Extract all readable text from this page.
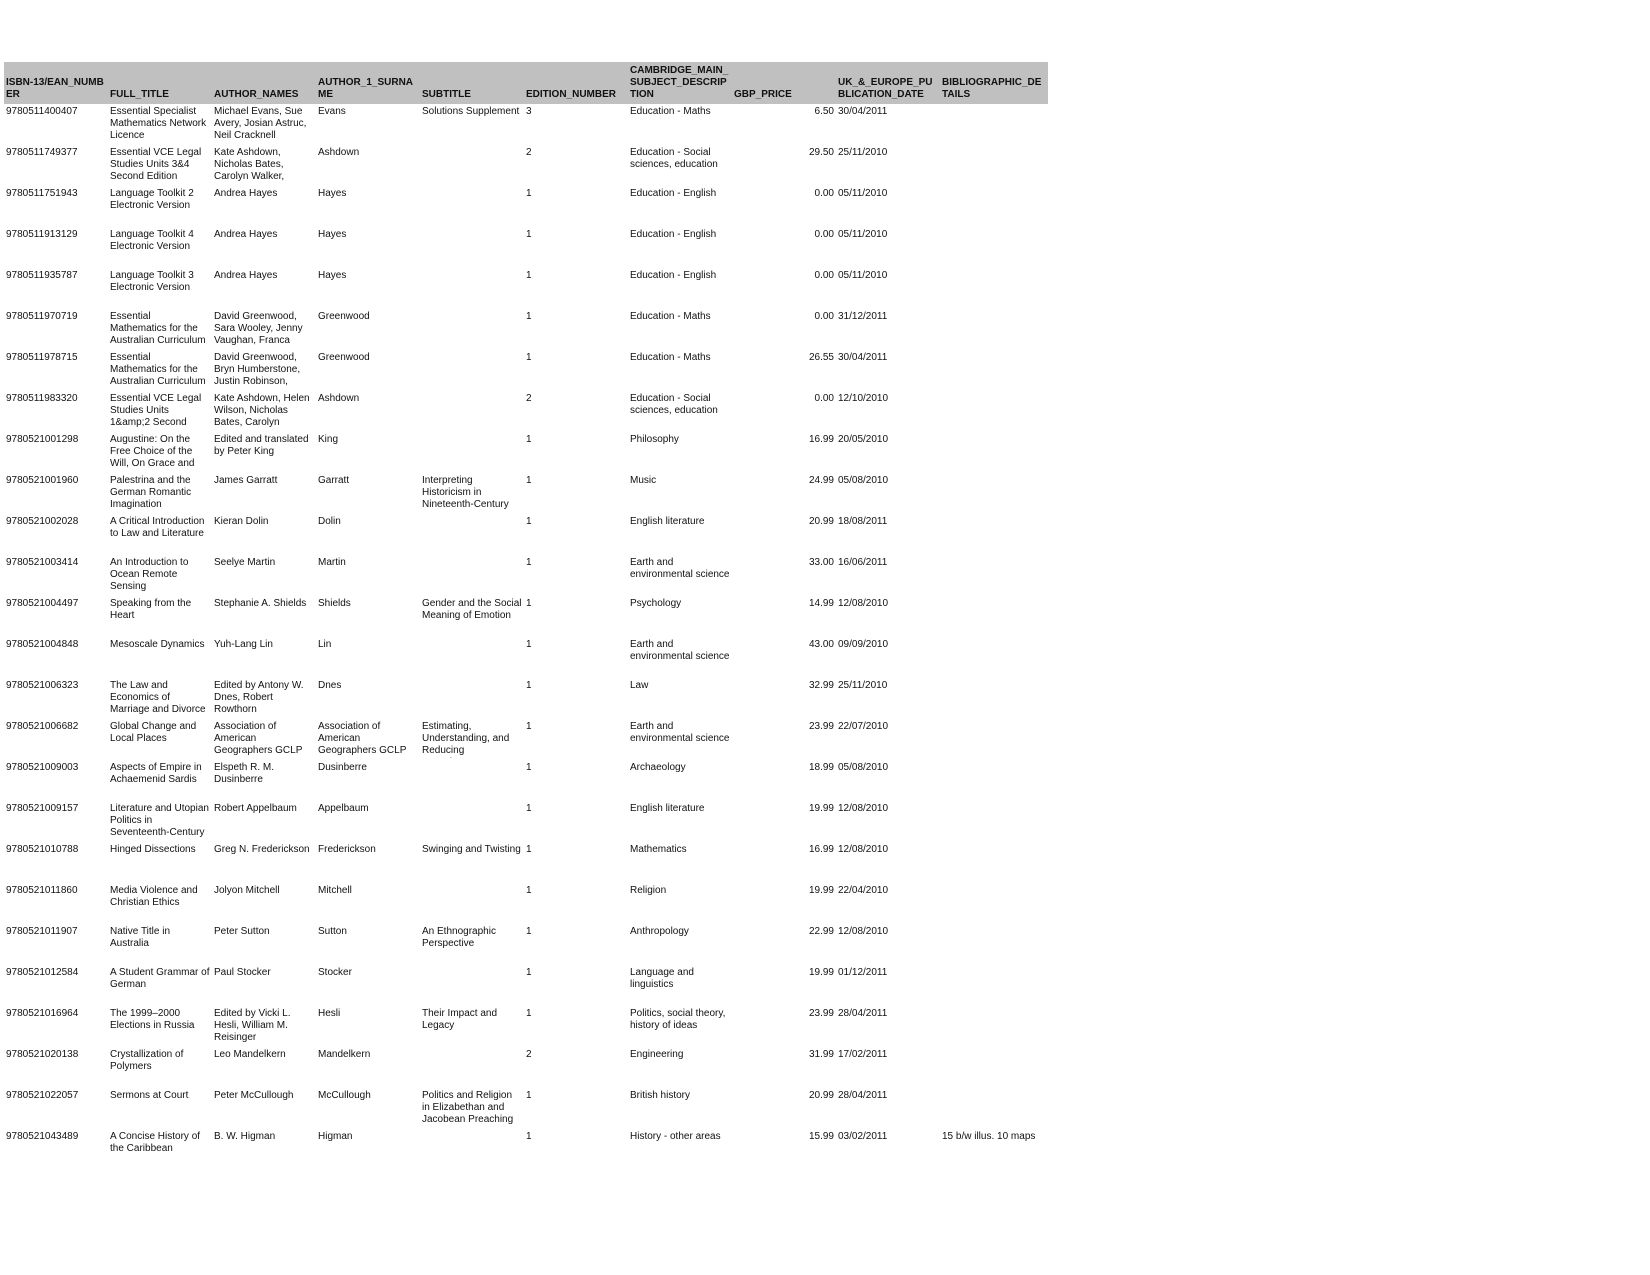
ISBN-13/EAN_NUMBER	FULL_TITLE	AUTHOR_NAMES	AUTHOR_1_SURNAME	SUBTITLE	EDITION_NUMBER	CAMBRIDGE_MAIN_SUBJECT_DESCRIPTION	GBP_PRICE	UK_&_EUROPE_PUBLICATION_DATE	BIBLIOGRAPHIC_DETAILS

9780511400407	Essential Specialist Mathematics Network Licence	Michael Evans, Sue Avery, Josian Astruc, Neil Cracknell	Evans	Solutions Supplement	3	Education - Maths	6.50	30/04/2011	

9780511749377	Essential VCE Legal Studies Units 3&4 Second Edition	Kate Ashdown, Nicholas Bates, Carolyn Walker,	Ashdown		2	Education - Social sciences, education	29.50	25/11/2010	

9780511751943	Language Toolkit 2 Electronic Version	Andrea Hayes	Hayes		1	Education - English	0.00	05/11/2010	

9780511913129	Language Toolkit 4 Electronic Version	Andrea Hayes	Hayes		1	Education - English	0.00	05/11/2010	

9780511935787	Language Toolkit 3 Electronic Version	Andrea Hayes	Hayes		1	Education - English	0.00	05/11/2010	

9780511970719	Essential Mathematics for the Australian Curriculum	David Greenwood, Sara Wooley, Jenny Vaughan, Franca	Greenwood		1	Education - Maths	0.00	31/12/2011	

9780511978715	Essential Mathematics for the Australian Curriculum	David Greenwood, Bryn Humberstone, Justin Robinson,	Greenwood		1	Education - Maths	26.55	30/04/2011	

9780511983320	Essential VCE Legal Studies Units 1&amp;2 Second	Kate Ashdown, Helen Wilson, Nicholas Bates, Carolyn	Ashdown		2	Education - Social sciences, education	0.00	12/10/2010	

9780521001298	Augustine: On the Free Choice of the Will, On Grace and	Edited and translated by Peter King	King		1	Philosophy	16.99	20/05/2010	

9780521001960	Palestrina and the German Romantic Imagination	James Garratt	Garratt	Interpreting Historicism in Nineteenth-Century	1	Music	24.99	05/08/2010	

9780521002028	A Critical Introduction to Law and Literature	Kieran Dolin	Dolin		1	English literature	20.99	18/08/2011	

9780521003414	An Introduction to Ocean Remote Sensing	Seelye Martin	Martin		1	Earth and environmental science	33.00	16/06/2011	

9780521004497	Speaking from the Heart	Stephanie A. Shields	Shields	Gender and the Social Meaning of Emotion	1	Psychology	14.99	12/08/2010	

9780521004848	Mesoscale Dynamics	Yuh-Lang Lin	Lin		1	Earth and environmental science	43.00	09/09/2010	

9780521006323	The Law and Economics of Marriage and Divorce	Edited by Antony W. Dnes, Robert Rowthorn	Dnes		1	Law	32.99	25/11/2010	

9780521006682	Global Change and Local Places	Association of American Geographers GCLP	Association of American Geographers GCLP	Estimating, Understanding, and Reducing	1	Earth and environmental science	23.99	22/07/2010	

9780521009003	Aspects of Empire in Achaemenid Sardis	Elspeth R. M. Dusinberre	Dusinberre		1	Archaeology	18.99	05/08/2010	

9780521009157	Literature and Utopian Politics in Seventeenth-Century	Robert Appelbaum	Appelbaum		1	English literature	19.99	12/08/2010	

9780521010788	Hinged Dissections	Greg N. Frederickson	Frederickson	Swinging and Twisting	1	Mathematics	16.99	12/08/2010	

9780521011860	Media Violence and Christian Ethics	Jolyon Mitchell	Mitchell		1	Religion	19.99	22/04/2010	

9780521011907	Native Title in Australia	Peter Sutton	Sutton	An Ethnographic Perspective	1	Anthropology	22.99	12/08/2010	

9780521012584	A Student Grammar of German	Paul Stocker	Stocker		1	Language and linguistics	19.99	01/12/2011	

9780521016964	The 1999–2000 Elections in Russia	Edited by Vicki L. Hesli, William M. Reisinger	Hesli	Their Impact and Legacy	1	Politics, social theory, history of ideas	23.99	28/04/2011	

9780521020138	Crystallization of Polymers	Leo Mandelkern	Mandelkern		2	Engineering	31.99	17/02/2011	

9780521022057	Sermons at Court	Peter McCullough	McCullough	Politics and Religion in Elizabethan and Jacobean Preaching	1	British history	20.99	28/04/2011	

9780521043489	A Concise History of the Caribbean	B. W. Higman	Higman		1	History - other areas	15.99	03/02/2011	15 b/w illus. 10 maps
